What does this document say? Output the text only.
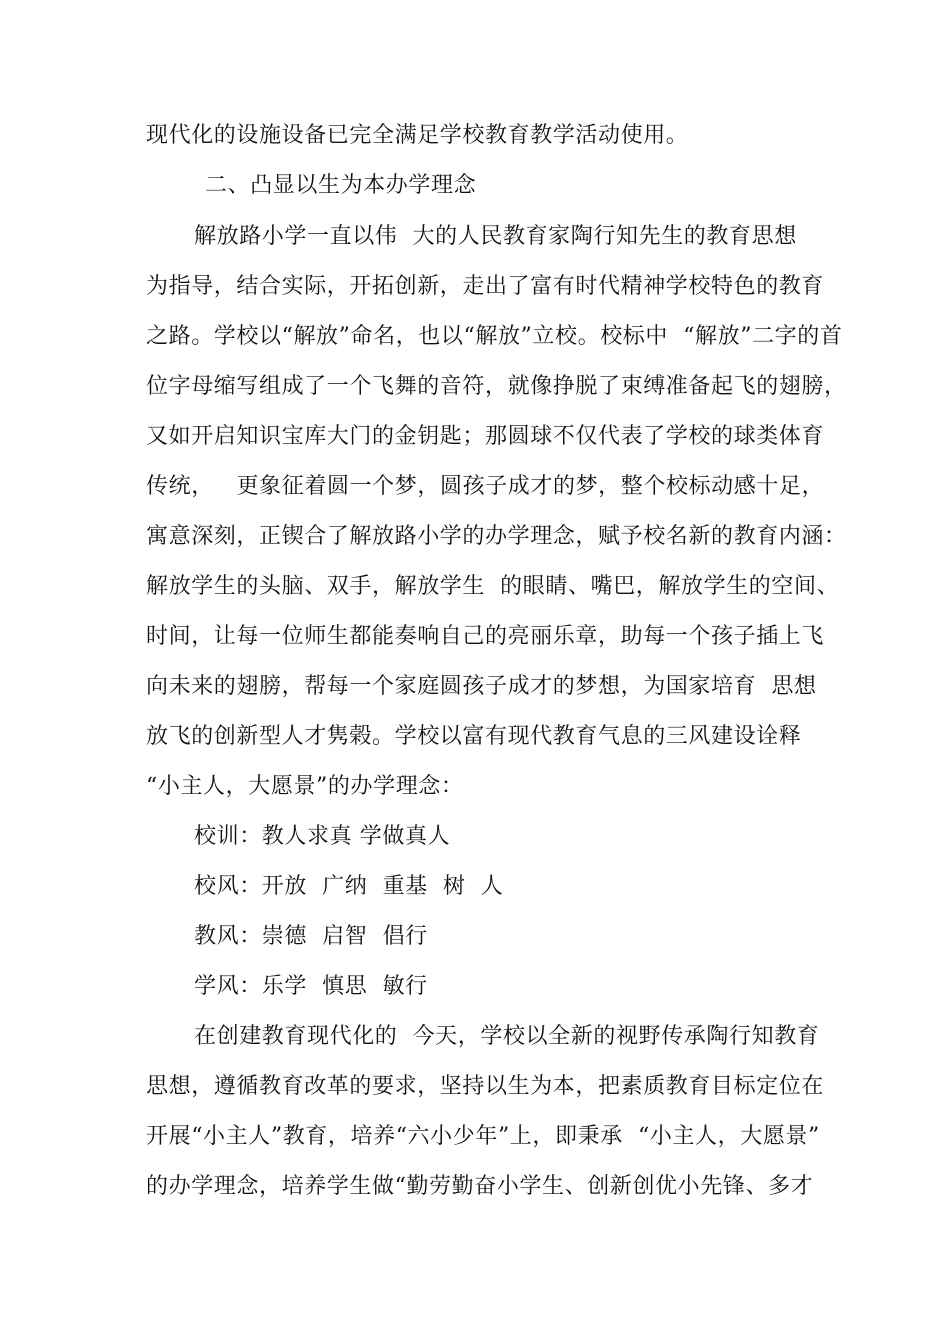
现代化的设施设备已完全满足学校教育教学活动使用。
二、凸显以生为本办学理念
解放路小学一直以伟  大的人民教育家陶行知先生的教育思想
为指导，结合实际，开拓创新，走出了富有时代精神学校特色的教育
之路。学校以“解放”命名，也以“解放”立校。校标中  “解放”二字的首
位字母缩写组成了一个飞舞的音符，就像挣脱了束缚准备起飞的翅膀，
又如开启知识宝库大门的金钥匙；那圆球不仅代表了学校的球类体育
传统，   更象征着圆一个梦，圆孩子成才的梦，整个校标动感十足，
寓意深刻，正锲合了解放路小学的办学理念，赋予校名新的教育内涵：
解放学生的头脑、双手，解放学生  的眼睛、嘴巴，解放学生的空间、
时间，让每一位师生都能奏响自己的亮丽乐章，助每一个孩子插上飞
向未来的翅膀，帮每一个家庭圆孩子成才的梦想，为国家培育  思想
放飞的创新型人才隽榖。学校以富有现代教育气息的三风建设诠释
“小主人，大愿景”的办学理念：
校训：教人求真 学做真人
校风：开放  广纳  重基  树  人
教风：崇德  启智  倡行
学风：乐学  慎思  敏行
在创建教育现代化的  今天，学校以全新的视野传承陶行知教育
思想，遵循教育改革的要求，坚持以生为本，把素质教育目标定位在
开展“小主人”教育，培养“六小少年”上，即秉承  “小主人，大愿景”
的办学理念，培养学生做“勤劳勤奋小学生、创新创优小先锋、多才
